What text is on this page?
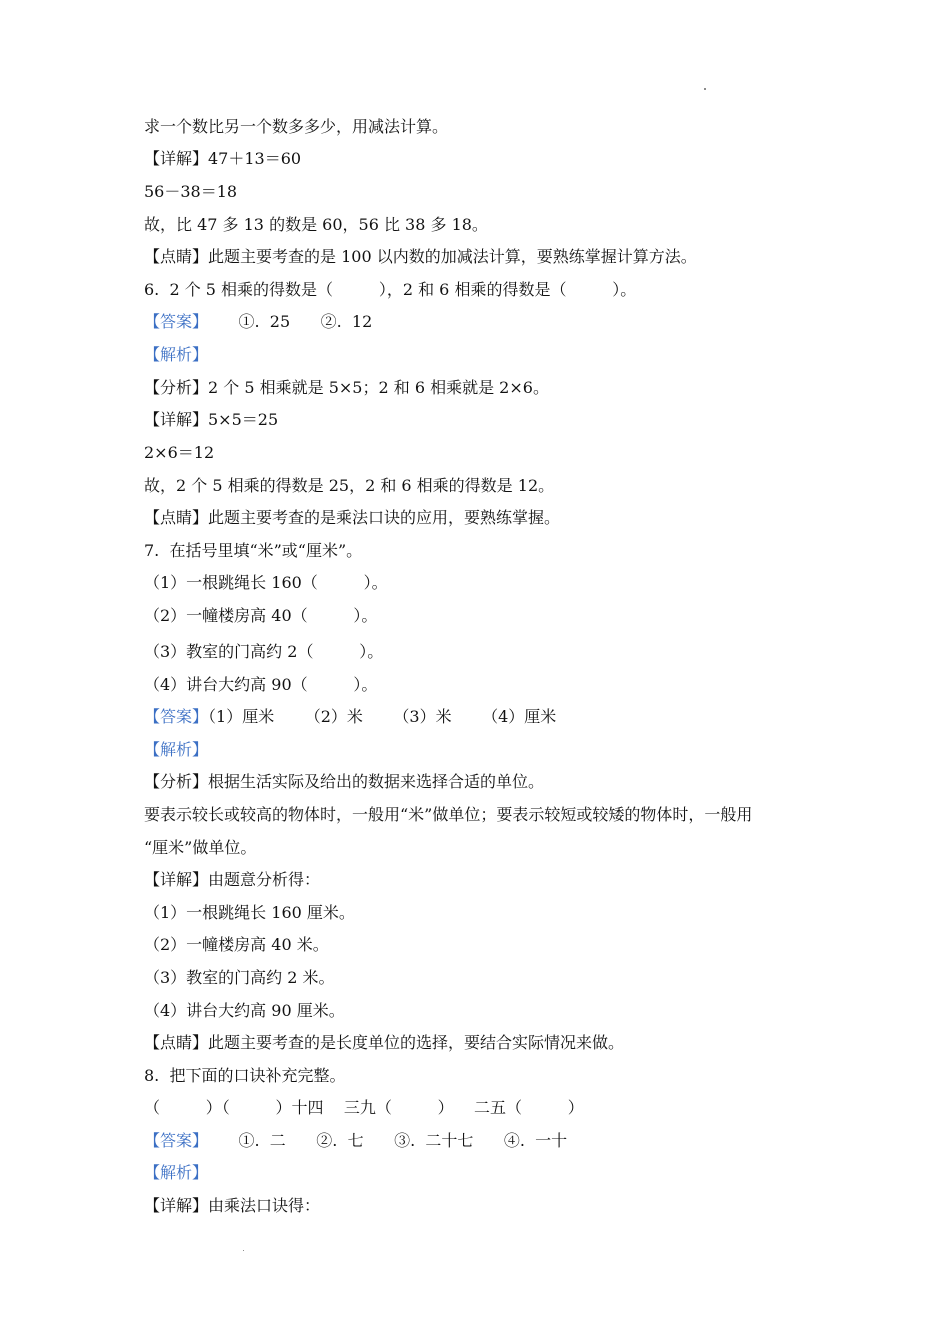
求一个数比另一个数多多少，用减法计算。
【详解】47＋13＝60
56－38＝18
故，比 47 多 13 的数是 60，56 比 38 多 18。
【点睛】此题主要考查的是 100 以内数的加减法计算，要熟练掌握计算方法。
6.  2 个 5 相乘的得数是（         ），2 和 6 相乘的得数是（         ）。
【答案】      ①.  25      ②.  12
【解析】
【分析】2 个 5 相乘就是 5×5；2 和 6 相乘就是 2×6。
【详解】5×5＝25
2×6＝12
故，2 个 5 相乘的得数是 25，2 和 6 相乘的得数是 12。
【点睛】此题主要考查的是乘法口诀的应用，要熟练掌握。
7.  在括号里填“米”或“厘米”。
（1）一根跳绳长 160（         ）。
（2）一幢楼房高 40（         ）。
（3）教室的门高约 2（         ）。
（4）讲台大约高 90（         ）。
【答案】（1）厘米      （2）米      （3）米      （4）厘米
【解析】
【分析】根据生活实际及给出的数据来选择合适的单位。
要表示较长或较高的物体时，一般用“米”做单位；要表示较短或较矮的物体时，一般用
“厘米”做单位。
【详解】由题意分析得：
（1）一根跳绳长 160 厘米。
（2）一幢楼房高 40 米。
（3）教室的门高约 2 米。
（4）讲台大约高 90 厘米。
【点睛】此题主要考查的是长度单位的选择，要结合实际情况来做。
8.  把下面的口诀补充完整。
（         ）（         ）十四    三九（         ）    二五（         ）
【答案】      ①.  二      ②.  七      ③.  二十七      ④.  一十
【解析】
【详解】由乘法口诀得：
